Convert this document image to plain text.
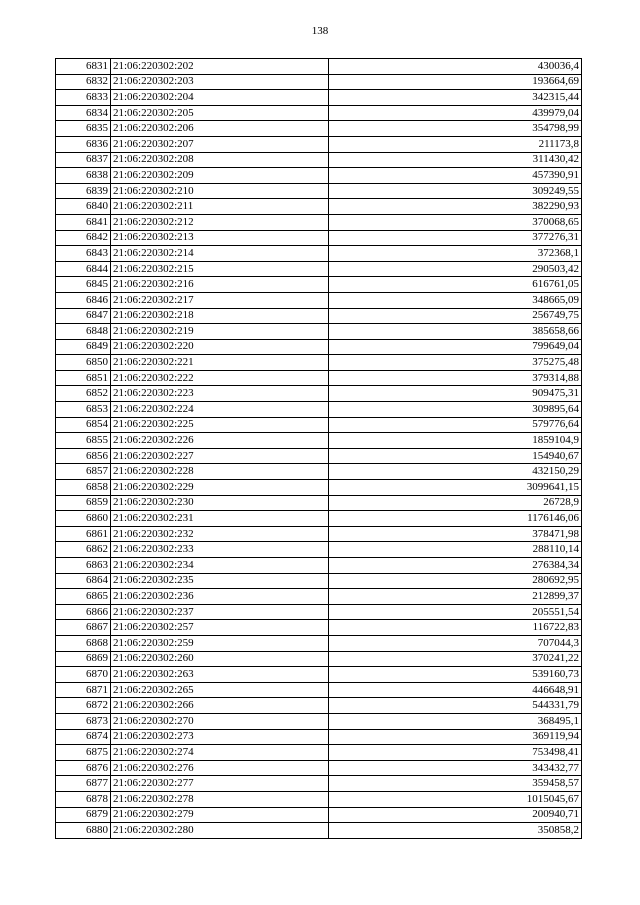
138
6831	21:06:220302:202	430036,4
6832	21:06:220302:203	193664,69
6833	21:06:220302:204	342315,44
6834	21:06:220302:205	439979,04
6835	21:06:220302:206	354798,99
6836	21:06:220302:207	211173,8
6837	21:06:220302:208	311430,42
6838	21:06:220302:209	457390,91
6839	21:06:220302:210	309249,55
6840	21:06:220302:211	382290,93
6841	21:06:220302:212	370068,65
6842	21:06:220302:213	377276,31
6843	21:06:220302:214	372368,1
6844	21:06:220302:215	290503,42
6845	21:06:220302:216	616761,05
6846	21:06:220302:217	348665,09
6847	21:06:220302:218	256749,75
6848	21:06:220302:219	385658,66
6849	21:06:220302:220	799649,04
6850	21:06:220302:221	375275,48
6851	21:06:220302:222	379314,88
6852	21:06:220302:223	909475,31
6853	21:06:220302:224	309895,64
6854	21:06:220302:225	579776,64
6855	21:06:220302:226	1859104,9
6856	21:06:220302:227	154940,67
6857	21:06:220302:228	432150,29
6858	21:06:220302:229	3099641,15
6859	21:06:220302:230	26728,9
6860	21:06:220302:231	1176146,06
6861	21:06:220302:232	378471,98
6862	21:06:220302:233	288110,14
6863	21:06:220302:234	276384,34
6864	21:06:220302:235	280692,95
6865	21:06:220302:236	212899,37
6866	21:06:220302:237	205551,54
6867	21:06:220302:257	116722,83
6868	21:06:220302:259	707044,3
6869	21:06:220302:260	370241,22
6870	21:06:220302:263	539160,73
6871	21:06:220302:265	446648,91
6872	21:06:220302:266	544331,79
6873	21:06:220302:270	368495,1
6874	21:06:220302:273	369119,94
6875	21:06:220302:274	753498,41
6876	21:06:220302:276	343432,77
6877	21:06:220302:277	359458,57
6878	21:06:220302:278	1015045,67
6879	21:06:220302:279	200940,71
6880	21:06:220302:280	350858,2
